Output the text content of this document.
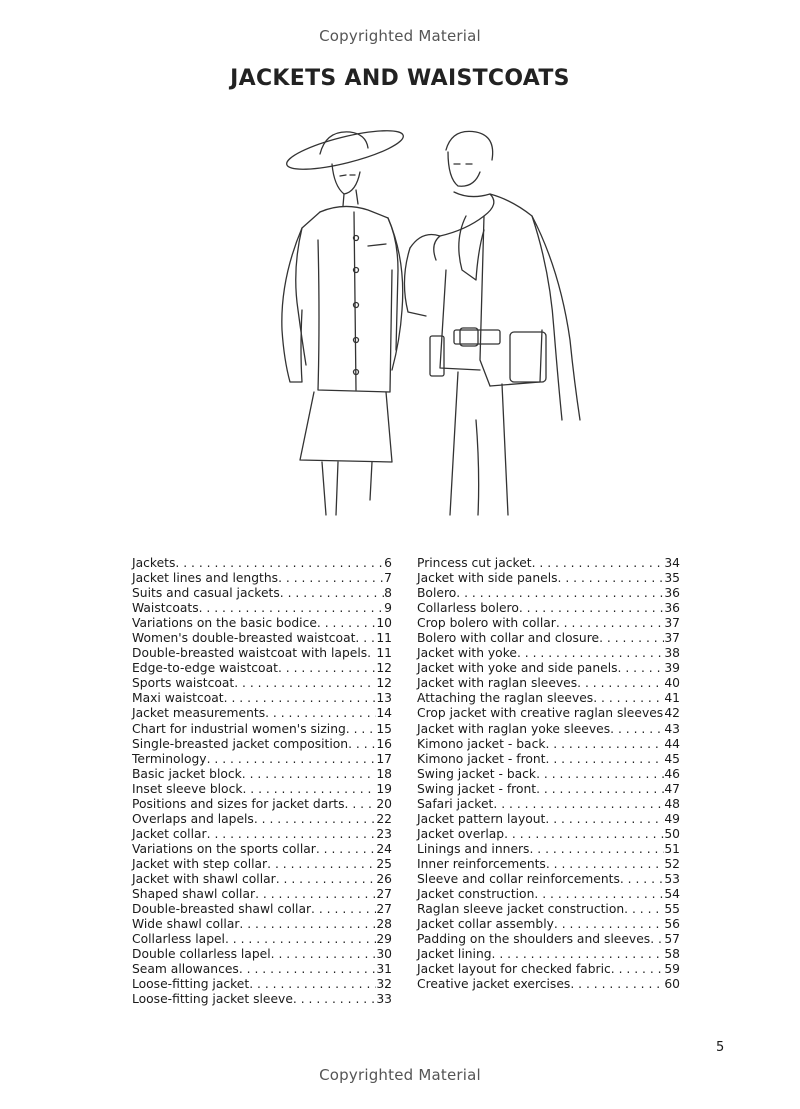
Copyrighted Material
JACKETS AND WAISTCOATS
Jackets . . .	6
Jacket lines and lengths . . .	7
Suits and casual jackets . . .	8
Waistcoats . . .	9
Variations on the basic bodice . . .	10
Women's double-breasted waistcoat . . . 11
Double-breasted waistcoat with lapels . . . 11
Edge-to-edge waistcoat . . .	12
Sports waistcoat . . .	12
Maxi waistcoat . . .	13
Jacket measurements . . .	14
Chart for industrial women's sizing . . . 15
Single-breasted jacket composition . . . 16
Terminology . . .	17
Basic jacket block . . .	18
Inset sleeve block . . .	19
Positions and sizes for jacket darts . . .	20
Overlaps and lapels . . .	22
Jacket collar . . .	23
Variations on the sports collar . . .	24
Jacket with step collar . . .	25
Jacket with shawl collar . . .	26
Shaped shawl collar . . .	27
Double-breasted shawl collar . . .	27
Wide shawl collar . . .	28
Collarless lapel . . .	29
Double collarless lapel . . .	30
Seam allowances . . .	31
Loose-fitting jacket . . .	32
Loose-fitting jacket sleeve . . .	33
Princess cut jacket . . .	34
Jacket with side panels . . .	35
Bolero . . .	36
Collarless bolero . . .	36
Crop bolero with collar . . .	37
Bolero with collar and closure . . .	37
Jacket with yoke . . .	38
Jacket with yoke and side panels . . .	39
Jacket with raglan sleeves . . .	40
Attaching the raglan sleeves . . .	41
Crop jacket with creative raglan sleeves . . . 42
Jacket with raglan yoke sleeves . . .	43
Kimono jacket - back . . .	44
Kimono jacket - front . . .	45
Swing jacket - back . . .	46
Swing jacket - front . . .	47
Safari jacket . . .	48
Jacket pattern layout . . .	49
Jacket overlap . . .	50
Linings and inners . . .	51
Inner reinforcements . . .	52
Sleeve and collar reinforcements . . .	53
Jacket construction . . .	54
Raglan sleeve jacket construction . . .	55
Jacket collar assembly . . .	56
Padding on the shoulders and sleeves . . . 57
Jacket lining . . .	58
Jacket layout for checked fabric . . .	59
Creative jacket exercises . . .	60
5
Copyrighted Material
